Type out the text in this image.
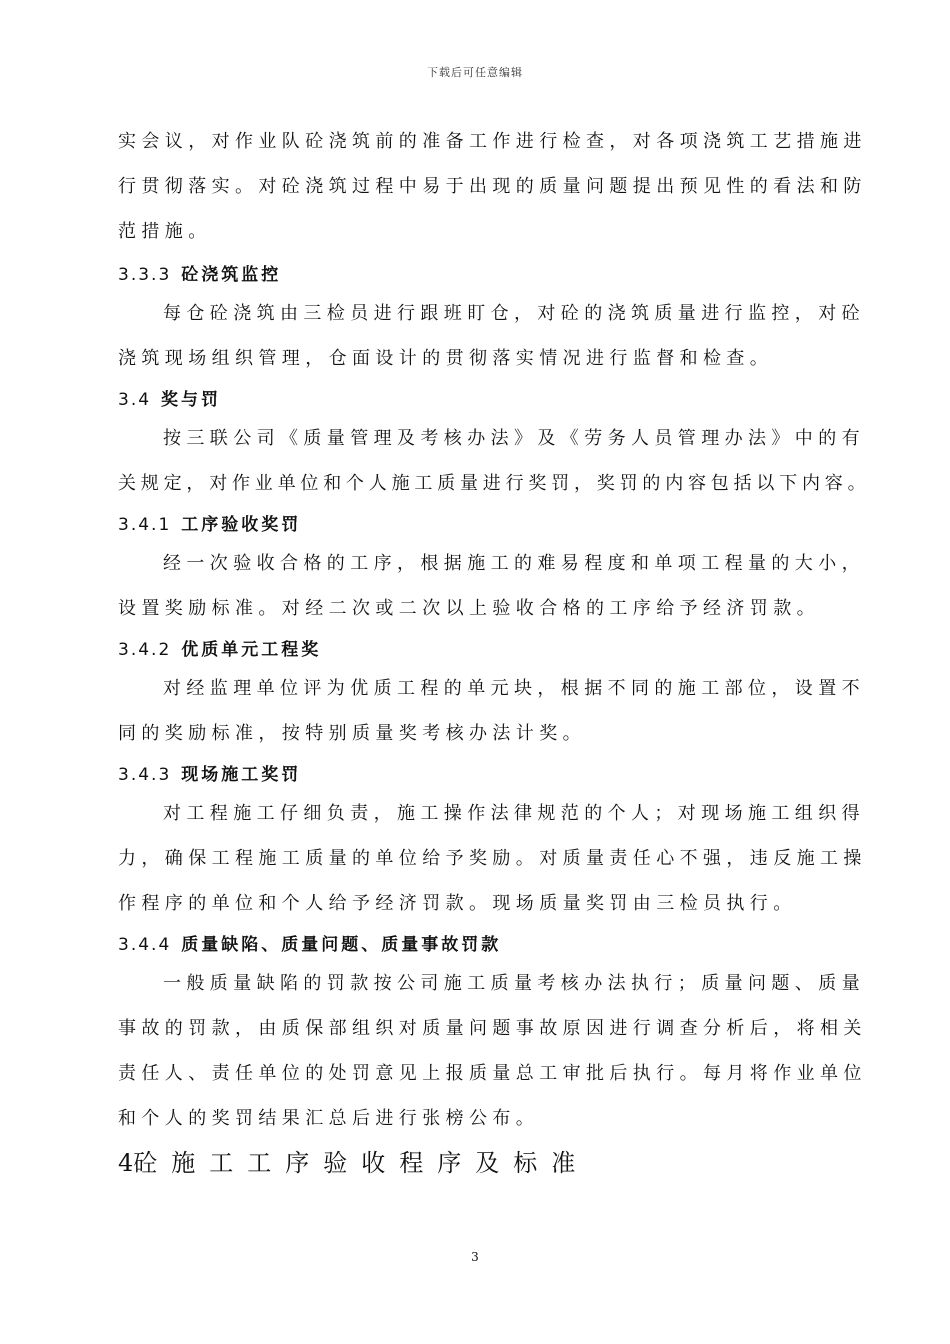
下载后可任意编辑
实会议，对作业队砼浇筑前的准备工作进行检查，对各项浇筑工艺措施进
行贯彻落实。对砼浇筑过程中易于出现的质量问题提出预见性的看法和防
范措施。
3.3.3 砼浇筑监控
每仓砼浇筑由三检员进行跟班盯仓，对砼的浇筑质量进行监控，对砼
浇筑现场组织管理，仓面设计的贯彻落实情况进行监督和检查。
3.4 奖与罚
按三联公司《质量管理及考核办法》及《劳务人员管理办法》中的有
关规定，对作业单位和个人施工质量进行奖罚，奖罚的内容包括以下内容。
3.4.1 工序验收奖罚
经一次验收合格的工序，根据施工的难易程度和单项工程量的大小，
设置奖励标准。对经二次或二次以上验收合格的工序给予经济罚款。
3.4.2 优质单元工程奖
对经监理单位评为优质工程的单元块，根据不同的施工部位，设置不
同的奖励标准，按特别质量奖考核办法计奖。
3.4.3 现场施工奖罚
对工程施工仔细负责，施工操作法律规范的个人；对现场施工组织得
力，确保工程施工质量的单位给予奖励。对质量责任心不强，违反施工操
作程序的单位和个人给予经济罚款。现场质量奖罚由三检员执行。
3.4.4 质量缺陷、质量问题、质量事故罚款
一般质量缺陷的罚款按公司施工质量考核办法执行；质量问题、质量
事故的罚款，由质保部组织对质量问题事故原因进行调查分析后，将相关
责任人、责任单位的处罚意见上报质量总工审批后执行。每月将作业单位
和个人的奖罚结果汇总后进行张榜公布。
4砼施工工序验收程序及标准
3
